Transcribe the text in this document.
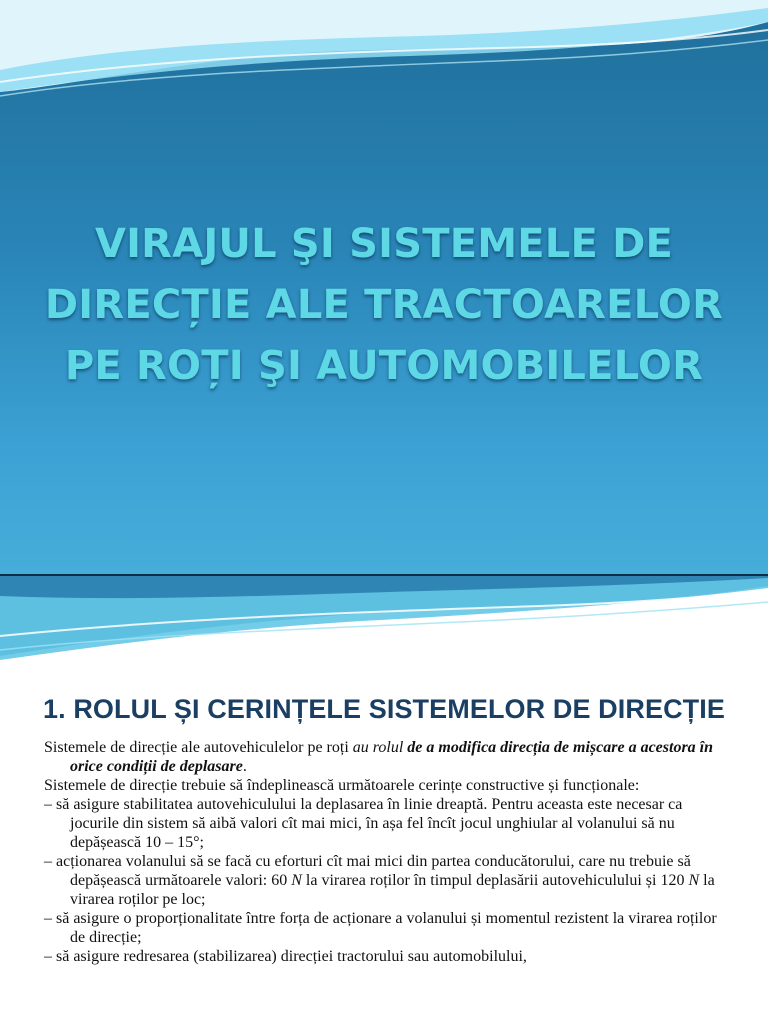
VIRAJUL ŞI SISTEMELE DE
DIRECȚIE ALE TRACTOARELOR
PE ROȚI ŞI AUTOMOBILELOR
1. ROLUL ȘI CERINȚELE SISTEMELOR DE DIRECȚIE

Sistemele de direcție ale autovehiculelor pe roți au rolul de a modifica direcția de mișcare a acestora în orice condiții de deplasare.

Sistemele de direcție trebuie să îndeplinească următoarele cerințe constructive și funcționale:

– să asigure stabilitatea autovehiculului la deplasarea în linie dreaptă. Pentru aceasta este necesar ca jocurile din sistem să aibă valori cît mai mici, în așa fel încît jocul unghiular al volanului să nu depășească 10 – 15°;

– acționarea volanului să se facă cu eforturi cît mai mici din partea conducătorului, care nu trebuie să depășească următoarele valori: 60 N la virarea roților în timpul deplasării autovehiculului și 120 N la virarea roților pe loc;

– să asigure o proporționalitate între forța de acționare a volanului și momentul rezistent la virarea roților de direcție;

– să asigure redresarea (stabilizarea) direcției tractorului sau automobilului,
